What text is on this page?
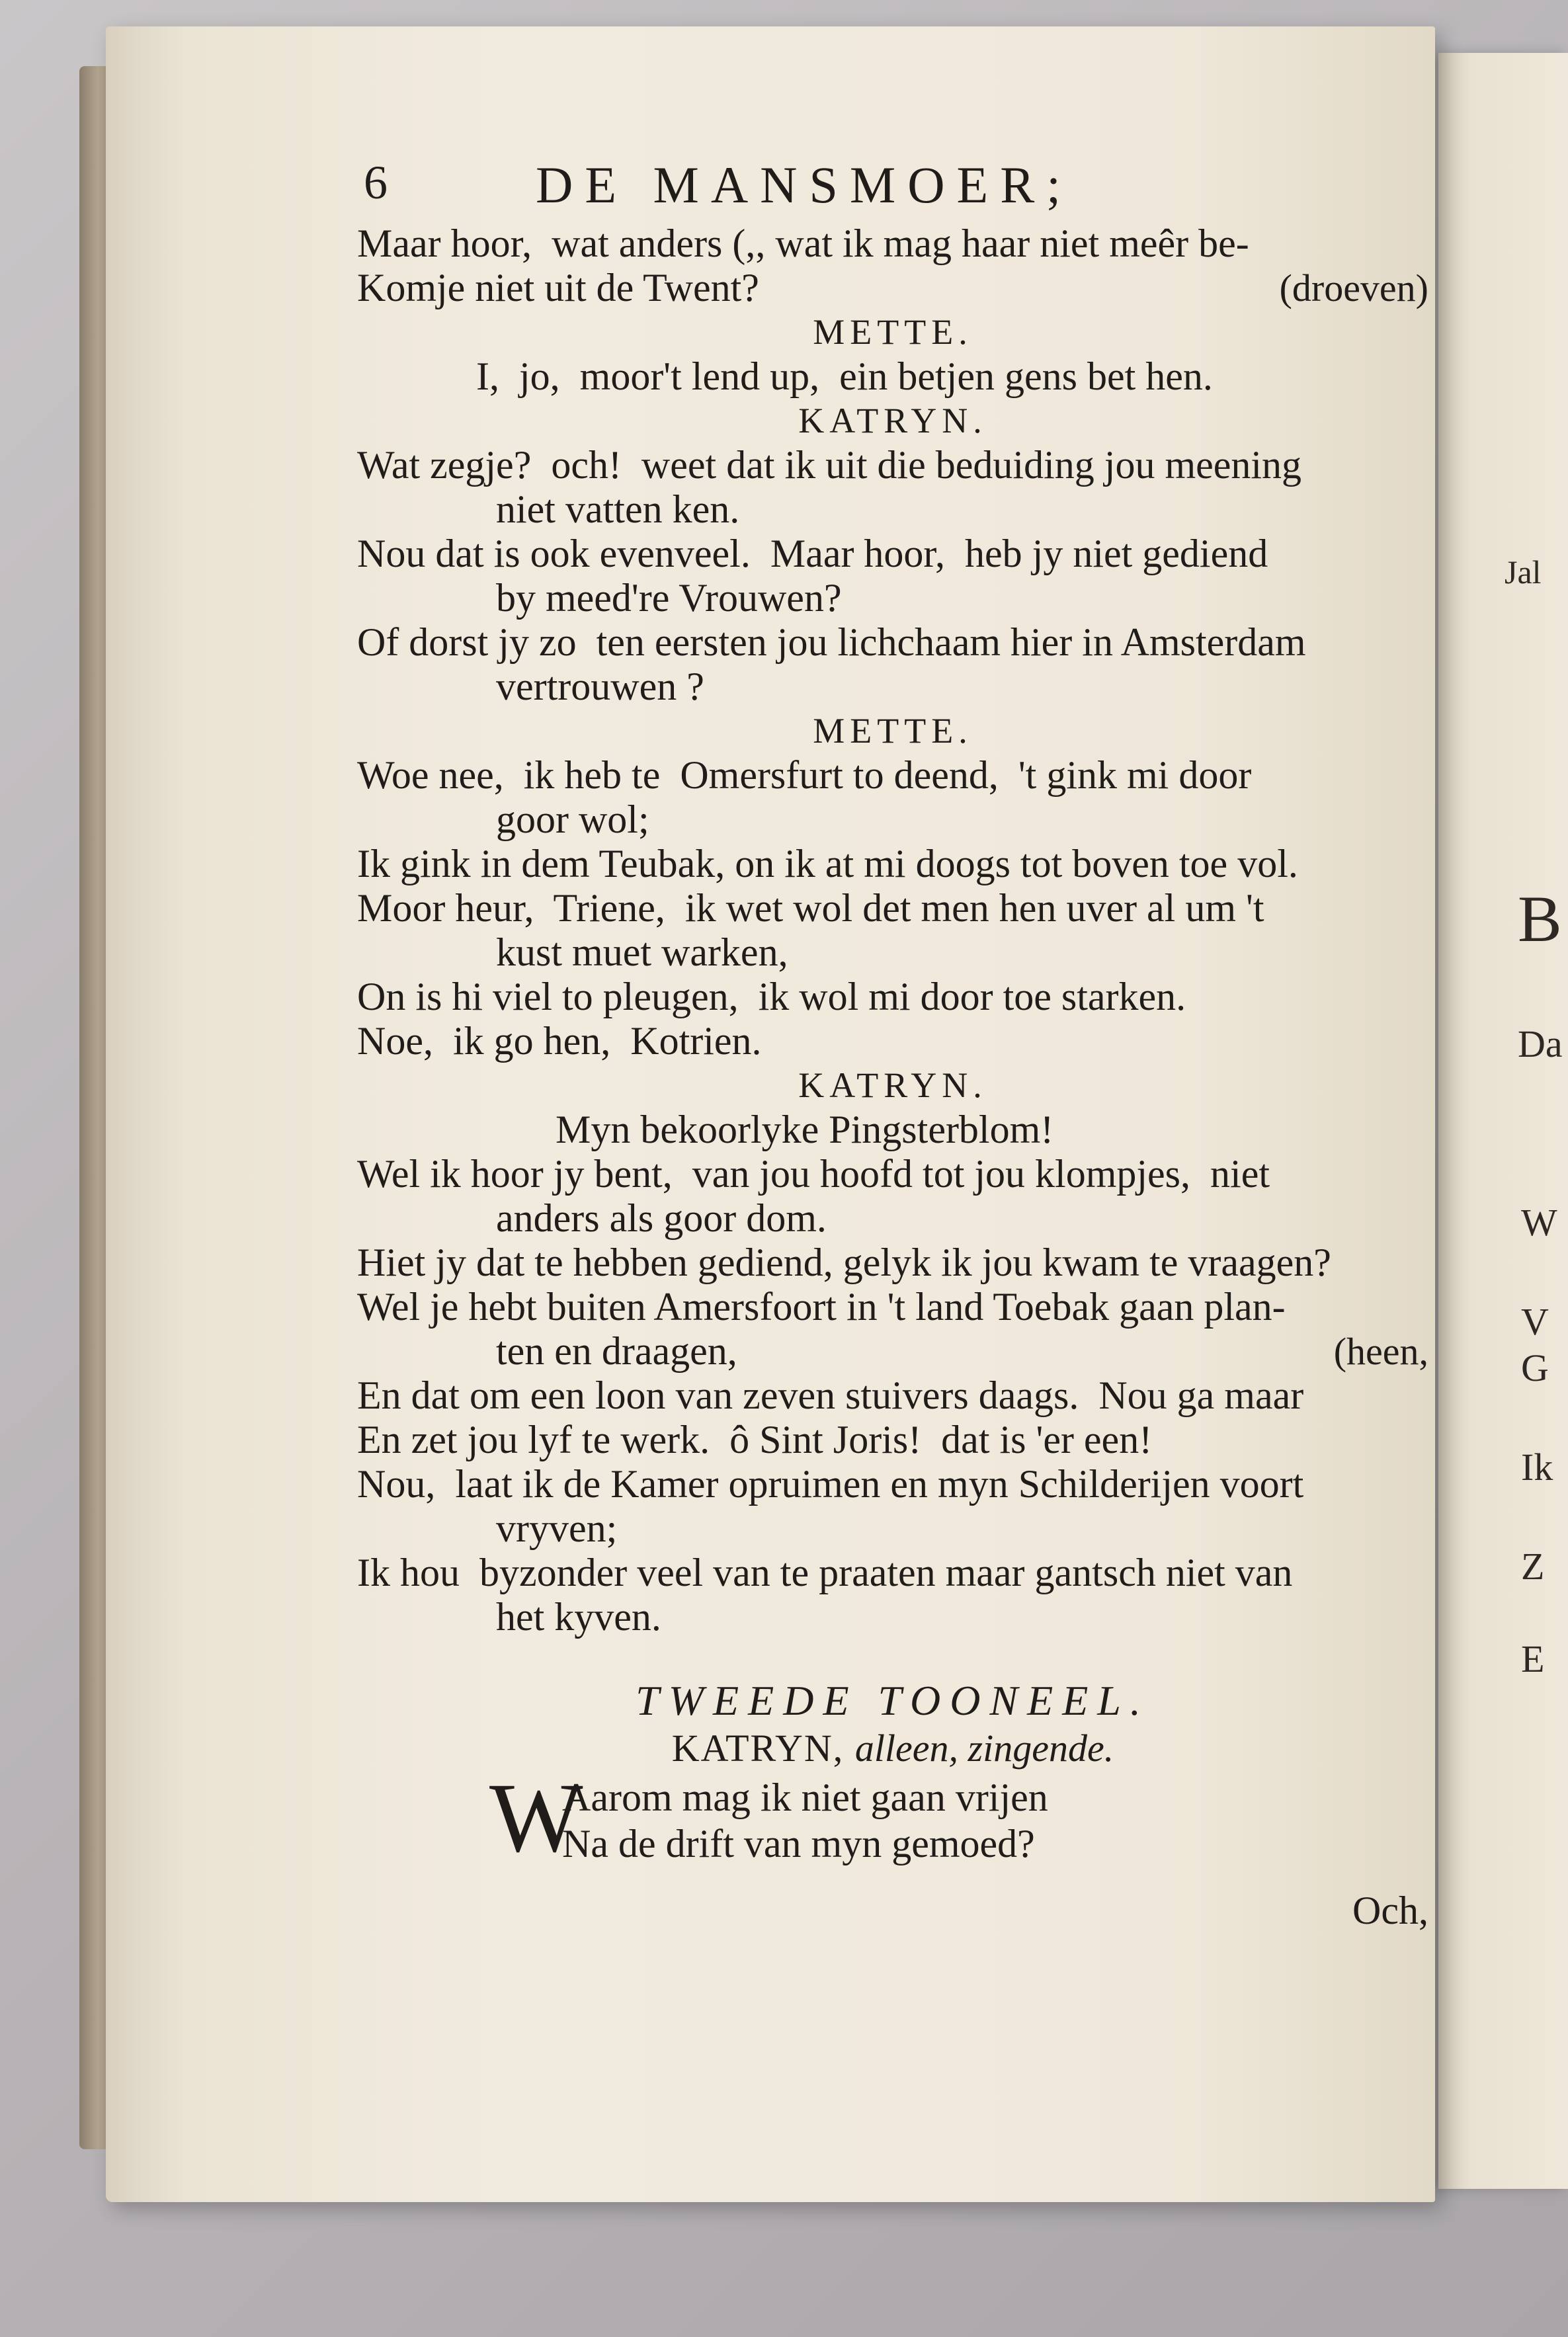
Jal
B
Da
W
V
G
Ik
Z
E
6	DE MANSMOER;
Maar hoor,  wat anders (,, wat ik mag haar niet meêr be-
Komje niet uit de Twent?	(droeven)
METTE.
I,  jo,  moor't lend up,  ein betjen gens bet hen.
KATRYN.
Wat zegje?  och!  weet dat ik uit die beduiding jou meening
niet vatten ken.
Nou dat is ook evenveel.  Maar hoor,  heb jy niet gediend
by meed're Vrouwen?
Of dorst jy zo  ten eersten jou lichchaam hier in Amsterdam
vertrouwen ?
METTE.
Woe nee,  ik heb te  Omersfurt to deend,  't gink mi door
goor wol;
Ik gink in dem Teubak, on ik at mi doogs tot boven toe vol.
Moor heur,  Triene,  ik wet wol det men hen uver al um 't
kust muet warken,
On is hi viel to pleugen,  ik wol mi door toe starken.
Noe,  ik go hen,  Kotrien.
KATRYN.
Myn bekoorlyke Pingsterblom!
Wel ik hoor jy bent,  van jou hoofd tot jou klompjes,  niet
anders als goor dom.
Hiet jy dat te hebben gediend, gelyk ik jou kwam te vraagen?
Wel je hebt buiten Amersfoort in 't land Toebak gaan plan-
ten en draagen,	(heen,
En dat om een loon van zeven stuivers daags.  Nou ga maar
En zet jou lyf te werk.  ô Sint Joris!  dat is 'er een!
Nou,  laat ik de Kamer opruimen en myn Schilderijen voort
vryven;
Ik hou  byzonder veel van te praaten maar gantsch niet van
het kyven.
TWEEDE TOONEEL.
KATRYN, alleen, zingende.
W
Aarom mag ik niet gaan vrijen
Na de drift van myn gemoed?
Och,
